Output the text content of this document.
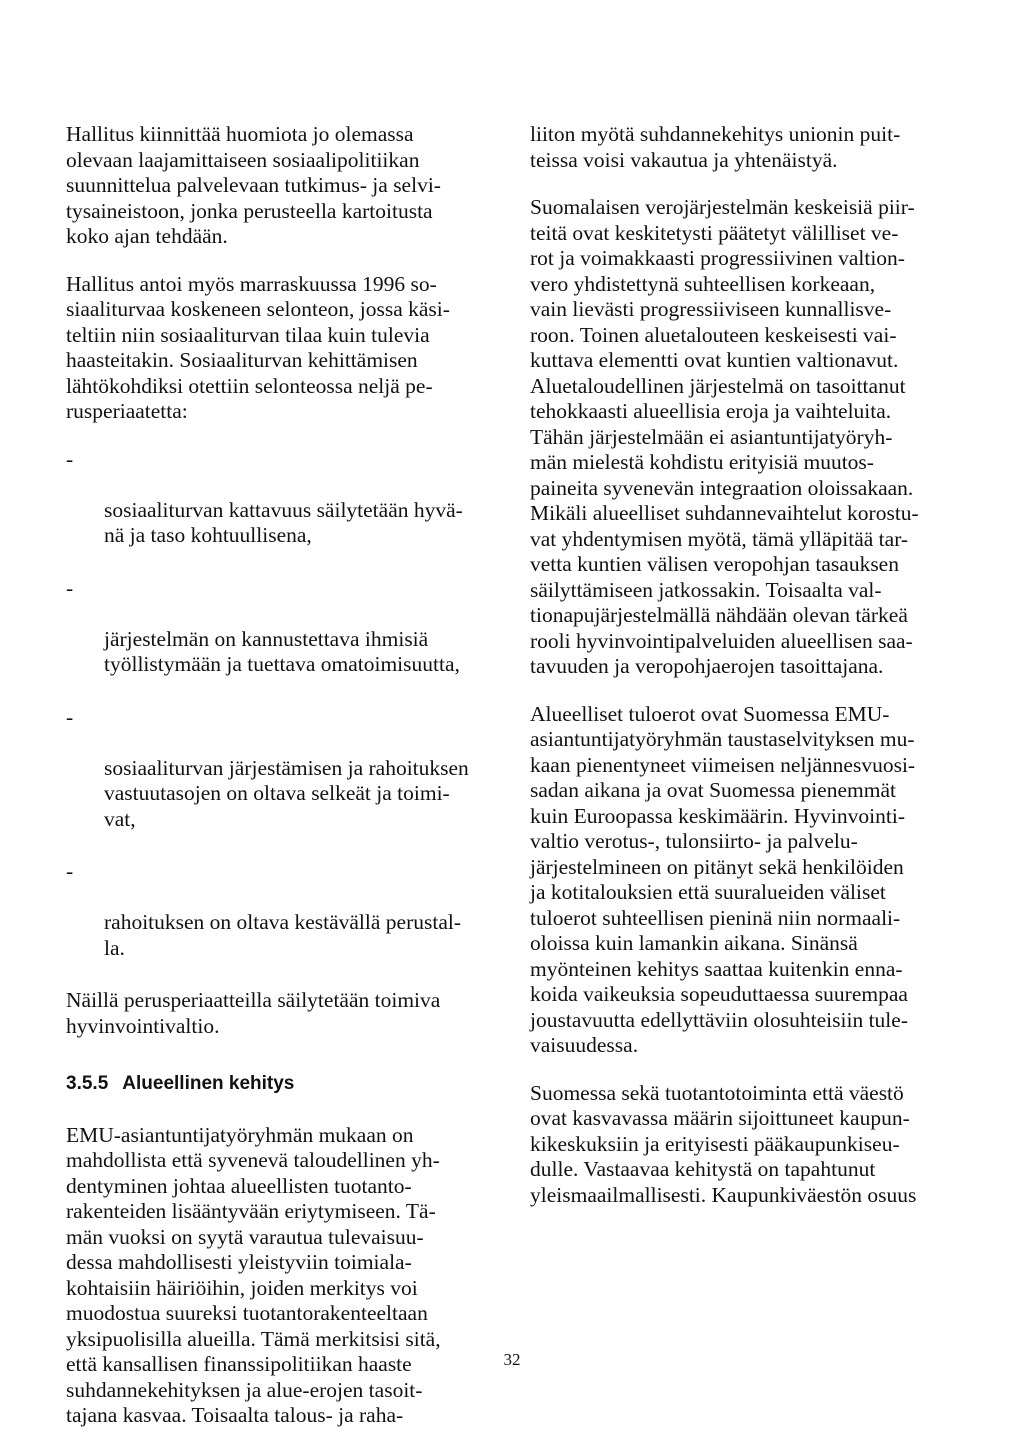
Hallitus kiinnittää huomiota jo olemassa
olevaan laajamittaiseen sosiaalipolitiikan
suunnittelua palvelevaan tutkimus- ja selvi-
tysaineistoon, jonka perusteella kartoitusta
koko ajan tehdään.

Hallitus antoi myös marraskuussa 1996 so-
siaaliturvaa koskeneen selonteon, jossa käsi-
teltiin niin sosiaaliturvan tilaa kuin tulevia
haasteitakin. Sosiaaliturvan kehittämisen
lähtökohdiksi otettiin selonteossa neljä pe-
rusperiaatetta:

-

sosiaaliturvan kattavuus säilytetään hyvä-
nä ja taso kohtuullisena,

-

järjestelmän on kannustettava ihmisiä
työllistymään ja tuettava omatoimisuutta,

-

sosiaaliturvan järjestämisen ja rahoituksen
vastuutasojen on oltava selkeät ja toimi-
vat,

-

rahoituksen on oltava kestävällä perustal-
la.

Näillä perusperiaatteilla säilytetään toimiva
hyvinvointivaltio.

3.5.5 Alueellinen kehitys

EMU-asiantuntijatyöryhmän mukaan on
mahdollista että syvenevä taloudellinen yh-
dentyminen johtaa alueellisten tuotanto-
rakenteiden lisääntyvään eriytymiseen. Tä-
män vuoksi on syytä varautua tulevaisuu-
dessa mahdollisesti yleistyviin toimiala-
kohtaisiin häiriöihin, joiden merkitys voi
muodostua suureksi tuotantorakenteeltaan
yksipuolisilla alueilla. Tämä merkitsisi sitä,
että kansallisen finanssipolitiikan haaste
suhdannekehityksen ja alue-erojen tasoit-
tajana kasvaa. Toisaalta talous- ja raha-

liiton myötä suhdannekehitys unionin puit-
teissa voisi vakautua ja yhtenäistyä.

Suomalaisen verojärjestelmän keskeisiä piir-
teitä ovat keskitetysti päätetyt välilliset ve-
rot ja voimakkaasti progressiivinen valtion-
vero yhdistettynä suhteellisen korkeaan,
vain lievästi progressiiviseen kunnallisve-
roon. Toinen aluetalouteen keskeisesti vai-
kuttava elementti ovat kuntien valtionavut.
Aluetaloudellinen järjestelmä on tasoittanut
tehokkaasti alueellisia eroja ja vaihteluita.
Tähän järjestelmään ei asiantuntijatyöryh-
män mielestä kohdistu erityisiä muutos-
paineita syvenevän integraation oloissakaan.
Mikäli alueelliset suhdannevaihtelut korostu-
vat yhdentymisen myötä, tämä ylläpitää tar-
vetta kuntien välisen veropohjan tasauksen
säilyttämiseen jatkossakin. Toisaalta val-
tionapujärjestelmällä nähdään olevan tärkeä
rooli hyvinvointipalveluiden alueellisen saa-
tavuuden ja veropohjaerojen tasoittajana.

Alueelliset tuloerot ovat Suomessa EMU-
asiantuntijatyöryhmän taustaselvityksen mu-
kaan pienentyneet viimeisen neljännesvuosi-
sadan aikana ja ovat Suomessa pienemmät
kuin Euroopassa keskimäärin. Hyvinvointi-
valtio verotus-, tulonsiirto- ja palvelu-
järjestelmineen on pitänyt sekä henkilöiden
ja kotitalouksien että suuralueiden väliset
tuloerot suhteellisen pieninä niin normaali-
oloissa kuin lamankin aikana. Sinänsä
myönteinen kehitys saattaa kuitenkin enna-
koida vaikeuksia sopeuduttaessa suurempaa
joustavuutta edellyttäviin olosuhteisiin tule-
vaisuudessa.

Suomessa sekä tuotantotoiminta että väestö
ovat kasvavassa määrin sijoittuneet kaupun-
kikeskuksiin ja erityisesti pääkaupunkiseu-
dulle. Vastaavaa kehitystä on tapahtunut
yleismaailmallisesti. Kaupunkiväestön osuus

32
